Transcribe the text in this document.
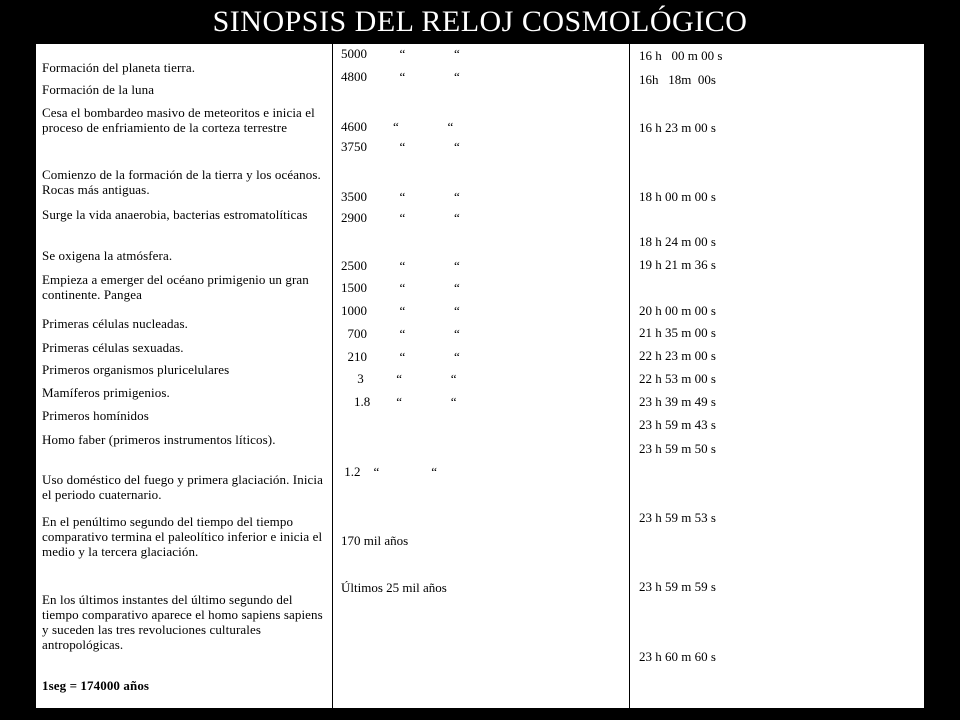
SINOPSIS DEL RELOJ COSMOLÓGICO
Formación del planeta tierra.
Formación de la luna
Cesa el bombardeo masivo de meteoritos e inicia el proceso de enfriamiento de la corteza terrestre
Comienzo de la formación de la tierra y los océanos. Rocas más antiguas.
Surge la vida anaerobia, bacterias estromatolíticas
Se oxigena la atmósfera.
Empieza a emerger del océano primigenio un gran continente. Pangea
Primeras células nucleadas.
Primeras células sexuadas.
Primeros organismos pluricelulares
Mamíferos primigenios.
Primeros homínidos
Homo faber (primeros instrumentos líticos).
Uso doméstico del fuego y primera glaciación. Inicia el periodo cuaternario.
En el penúltimo segundo del tiempo del tiempo comparativo termina el paleolítico inferior e inicia el medio y la tercera glaciación.
En los últimos instantes del último segundo del tiempo comparativo aparece el homo sapiens sapiens y suceden las tres revoluciones culturales antropológicas.
1seg = 174000 años
5000          “               “
4800          “               “
4600        “               “
3750          “               “
3500          “               “
2900          “               “
2500          “               “
1500          “               “
1000          “               “
700          “               “
210          “               “
3          “               “
1.8        “               “
1.2    “                “
170 mil años
Últimos 25 mil años
16 h   00 m 00 s
16h   18m  00s
16 h 23 m 00 s
18 h 00 m 00 s
18 h 24 m 00 s
19 h 21 m 36 s
20 h 00 m 00 s
21 h 35 m 00 s
22 h 23 m 00 s
22 h 53 m 00 s
23 h 39 m 49 s
23 h 59 m 43 s
23 h 59 m 50 s
23 h 59 m 53 s
23 h 59 m 59 s
23 h 60 m 60 s
